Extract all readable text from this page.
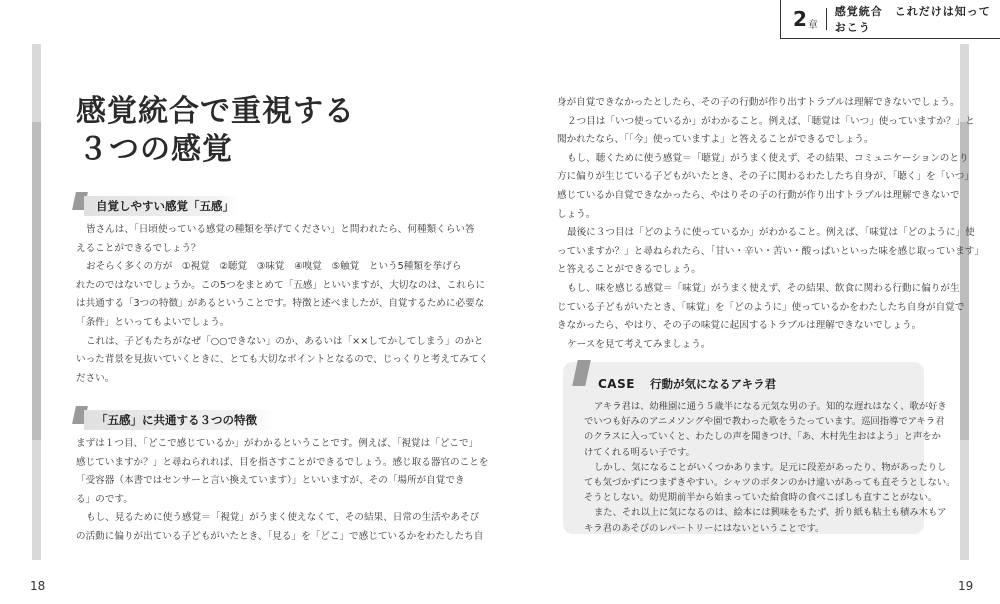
2 章
感覚統合　これだけは知っておこう
感覚統合で重視する
３つの感覚
自覚しやすい感覚「五感」
皆さんは、「日頃使っている感覚の種類を挙げてください」と問われたら、何種類くらい答
えることができるでしょう？
おそらく多くの方が　①視覚　②聴覚　③味覚　④嗅覚　⑤触覚　という5種類を挙げら
れたのではないでしょうか。この5つをまとめて「五感」といいますが、大切なのは、これらに
は共通する「3つの特徴」があるということです。特徴と述べましたが、自覚するために必要な
「条件」といってもよいでしょう。
これは、子どもたちがなぜ「○○できない」のか、あるいは「××してかしてしまう」のかと
いった背景を見抜いていくときに、とても大切なポイントとなるので、じっくりと考えてみてく
ださい。
「五感」に共通する３つの特徴
まずは１つ目、「どこで感じているか」がわかるということです。例えば、「視覚は「どこで」
感じていますか？」と尋ねられれば、目を指さすことができるでしょう。感じ取る器官のことを
「受容器（本書ではセンサーと言い換えています）」といいますが、その「場所が自覚でき
る」のです。
もし、見るために使う感覚＝「視覚」がうまく使えなくて、その結果、日常の生活やあそび
の活動に偏りが出ている子どもがいたとき、「見る」を「どこ」で感じているかをわたしたち自
18
身が自覚できなかったとしたら、その子の行動が作り出すトラブルは理解できないでしょう。
２つ目は「いつ使っているか」がわかること。例えば、「聴覚は「いつ」使っていますか？」と
聞かれたなら、「「今」使っていますよ」と答えることができるでしょう。
もし、聴くために使う感覚＝「聴覚」がうまく使えず、その結果、コミュニケーションのとり
方に偏りが生じている子どもがいたとき、その子に関わるわたしたち自身が、「聴く」を「いつ」
感じているか自覚できなかったら、やはりその子の行動が作り出すトラブルは理解できないで
しょう。
最後に３つ目は「どのように使っているか」がわかること。例えば、「味覚は「どのように」使
っていますか？」と尋ねられたら、「甘い・辛い・苦い・酸っぱいといった味を感じ取っています」
と答えることができるでしょう。
もし、味を感じる感覚＝「味覚」がうまく使えず、その結果、飲食に関わる行動に偏りが生
じている子どもがいたとき、「味覚」を「どのように」使っているかをわたしたち自身が自覚で
きなかったら、やはり、その子の味覚に起因するトラブルは理解できないでしょう。
ケースを見て考えてみましょう。
CASE 行動が気になるアキラ君
アキラ君は、幼稚園に通う５歳半になる元気な男の子。知的な遅れはなく、歌が好き
でいつも好みのアニメソングや園で教わった歌をうたっています。巡回指導でアキラ君
のクラスに入っていくと、わたしの声を聞きつけ、「あ、木村先生おはよう」と声をか
けてくれる明るい子です。
しかし、気になることがいくつかあります。足元に段差があったり、物があったりし
ても気づかずにつまずきやすい。シャツのボタンのかけ違いがあっても直そうとしない。
そうとしない。幼児期前半から始まっていた給食時の食べこぼしも直すことがない。
また、それ以上に気になるのは、絵本には興味をもたず、折り紙も粘土も積み木もア
キラ君のあそびのレパートリーにはないということです。
19
